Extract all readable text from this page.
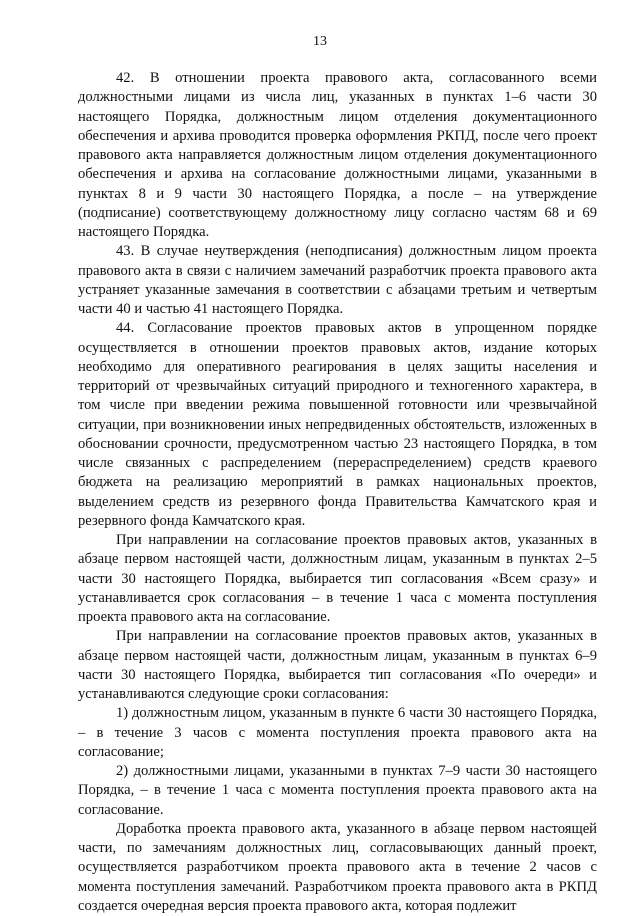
13

42. В отношении проекта правового акта, согласованного всеми должностными лицами из числа лиц, указанных в пунктах 1–6 части 30 настоящего Порядка, должностным лицом отделения документационного обеспечения и архива проводится проверка оформления РКПД, после чего проект правового акта направляется должностным лицом отделения документационного обеспечения и архива на согласование должностными лицами, указанными в пунктах 8 и 9 части 30 настоящего Порядка, а после – на утверждение (подписание) соответствующему должностному лицу согласно частям 68 и 69 настоящего Порядка.

43. В случае неутверждения (неподписания) должностным лицом проекта правового акта в связи с наличием замечаний разработчик проекта правового акта устраняет указанные замечания в соответствии с абзацами третьим и четвертым части 40 и частью 41 настоящего Порядка.

44. Согласование проектов правовых актов в упрощенном порядке осуществляется в отношении проектов правовых актов, издание которых необходимо для оперативного реагирования в целях защиты населения и территорий от чрезвычайных ситуаций природного и техногенного характера, в том числе при введении режима повышенной готовности или чрезвычайной ситуации, при возникновении иных непредвиденных обстоятельств, изложенных в обосновании срочности, предусмотренном частью 23 настоящего Порядка, в том числе связанных с распределением (перераспределением) средств краевого бюджета на реализацию мероприятий в рамках национальных проектов, выделением средств из резервного фонда Правительства Камчатского края и резервного фонда Камчатского края.

При направлении на согласование проектов правовых актов, указанных в абзаце первом настоящей части, должностным лицам, указанным в пунктах 2–5 части 30 настоящего Порядка, выбирается тип согласования «Всем сразу» и устанавливается срок согласования – в течение 1 часа с момента поступления проекта правового акта на согласование.

При направлении на согласование проектов правовых актов, указанных в абзаце первом настоящей части, должностным лицам, указанным в пунктах 6–9 части 30 настоящего Порядка, выбирается тип согласования «По очереди» и устанавливаются следующие сроки согласования:

1) должностным лицом, указанным в пункте 6 части 30 настоящего Порядка, – в течение 3 часов с момента поступления проекта правового акта на согласование;

2) должностными лицами, указанными в пунктах 7–9 части 30 настоящего Порядка, – в течение 1 часа с момента поступления проекта правового акта на согласование.

Доработка проекта правового акта, указанного в абзаце первом настоящей части, по замечаниям должностных лиц, согласовывающих данный проект, осуществляется разработчиком проекта правового акта в течение 2 часов с момента поступления замечаний. Разработчиком проекта правового акта в РКПД создается очередная версия проекта правового акта, которая подлежит
